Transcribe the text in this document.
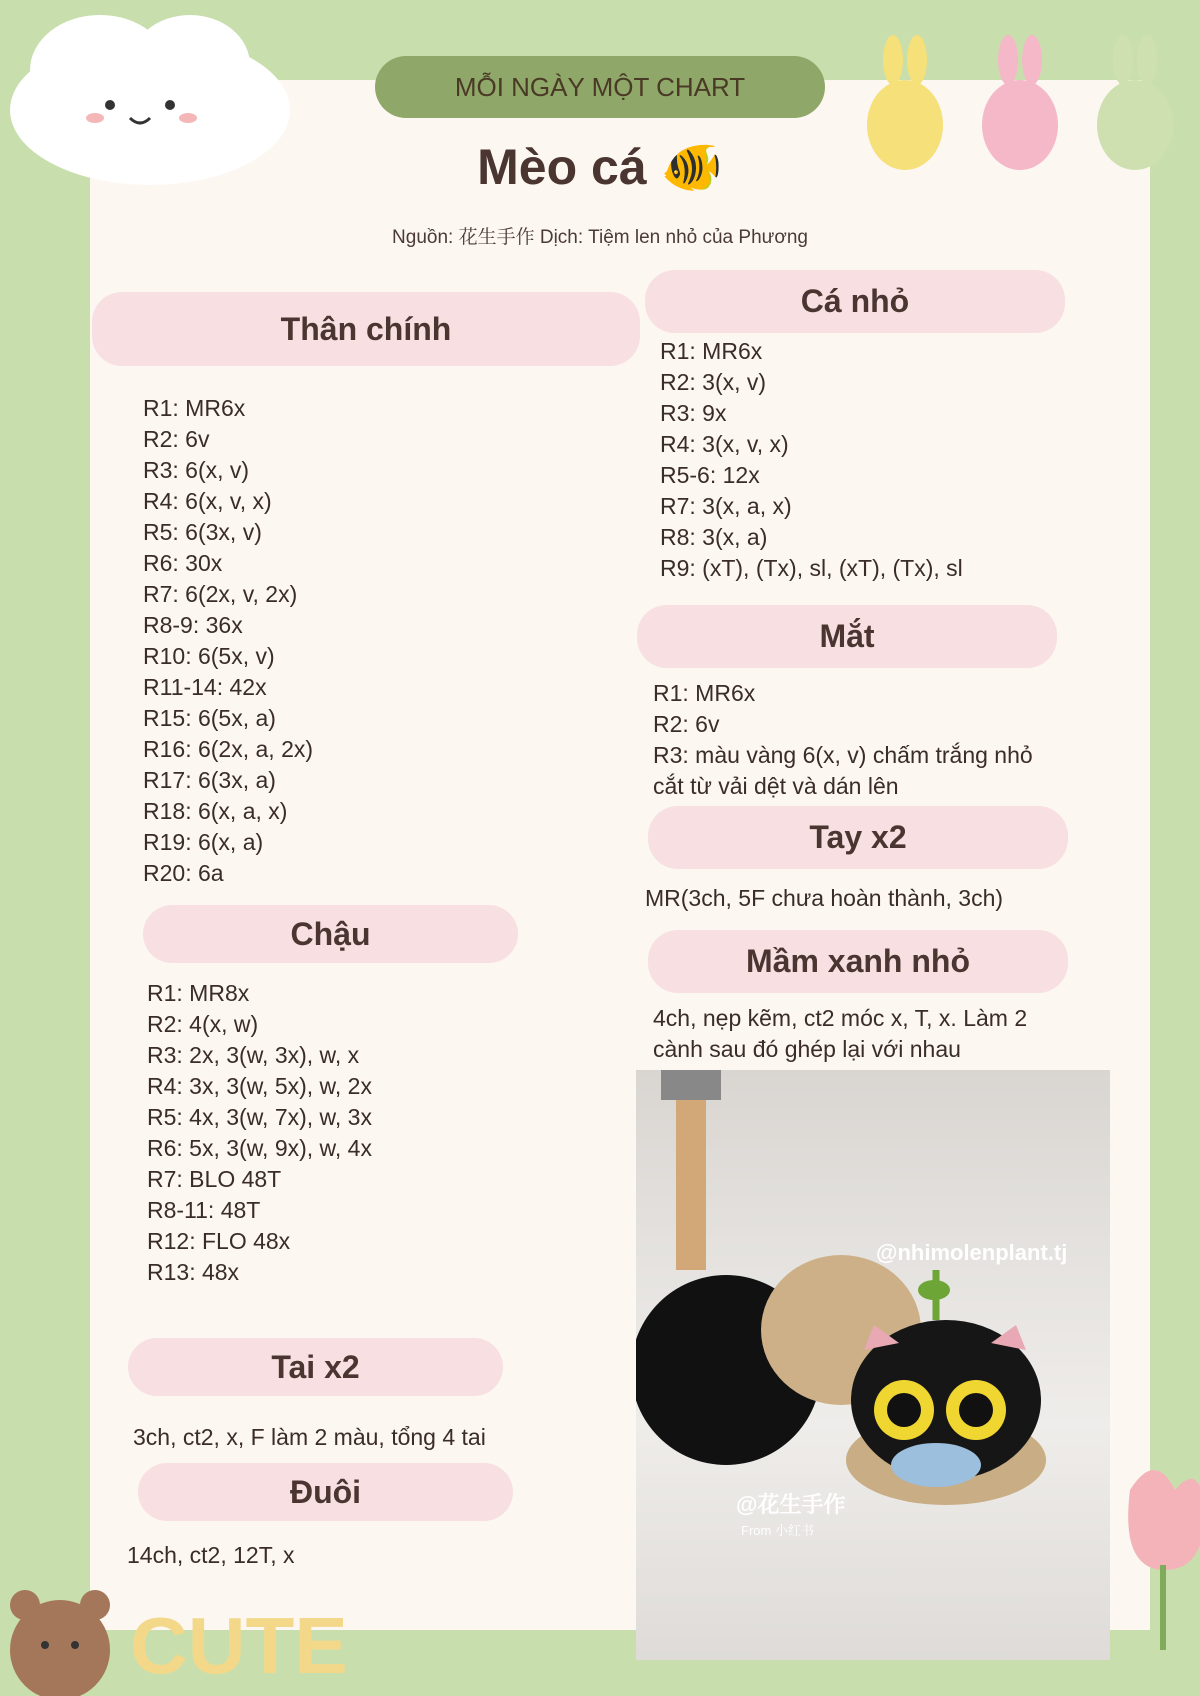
MỖI NGÀY MỘT CHART
Mèo cá 🐠
Nguồn: 花生手作 Dịch: Tiệm len nhỏ của Phương
Thân chính
R1: MR6x
R2: 6v
R3: 6(x, v)
R4: 6(x, v, x)
R5: 6(3x, v)
R6: 30x
R7: 6(2x, v, 2x)
R8-9: 36x
R10: 6(5x, v)
R11-14: 42x
R15: 6(5x, a)
R16: 6(2x, a, 2x)
R17: 6(3x, a)
R18: 6(x, a, x)
R19: 6(x, a)
R20: 6a
Chậu
R1: MR8x
R2: 4(x, w)
R3: 2x, 3(w, 3x), w, x
R4: 3x, 3(w, 5x), w, 2x
R5: 4x, 3(w, 7x), w, 3x
R6: 5x, 3(w, 9x), w, 4x
R7: BLO 48T
R8-11: 48T
R12: FLO 48x
R13: 48x
Tai x2
3ch, ct2, x, F làm 2 màu, tổng 4 tai
Đuôi
14ch, ct2, 12T, x
Cá nhỏ
R1: MR6x
R2: 3(x, v)
R3: 9x
R4: 3(x, v, x)
R5-6: 12x
R7: 3(x, a, x)
R8: 3(x, a)
R9: (xT), (Tx), sl, (xT), (Tx), sl
Mắt
R1: MR6x
R2: 6v
R3: màu vàng 6(x, v) chấm trắng nhỏ
cắt từ vải dệt và dán lên
Tay x2
MR(3ch, 5F chưa hoàn thành, 3ch)
Mầm xanh nhỏ
4ch, nẹp kẽm, ct2 móc x, T, x. Làm 2
cành sau đó ghép lại với nhau
@nhimolenplant.tj
@花生手作
From 小红书
CUTE
